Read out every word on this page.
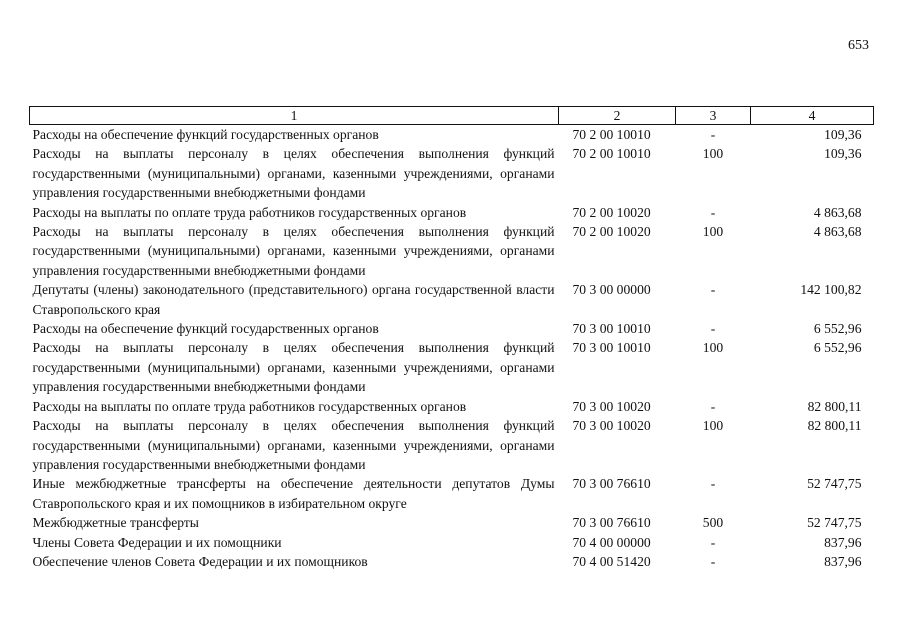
653
1	2	3	4
Расходы на обеспечение функций государственных органов	70 2 00 10010	-	109,36
Расходы на выплаты персоналу в целях обеспечения выполнения функций государственными (муниципальными) органами, казенными учреждениями, органами управления государственными внебюджетными фондами	70 2 00 10010	100	109,36
Расходы на выплаты по оплате труда работников государственных органов	70 2 00 10020	-	4 863,68
Расходы на выплаты персоналу в целях обеспечения выполнения функций государственными (муниципальными) органами, казенными учреждениями, органами управления государственными внебюджетными фондами	70 2 00 10020	100	4 863,68
Депутаты (члены) законодательного (представительного) органа государственной власти Ставропольского края	70 3 00 00000	-	142 100,82
Расходы на обеспечение функций государственных органов	70 3 00 10010	-	6 552,96
Расходы на выплаты персоналу в целях обеспечения выполнения функций государственными (муниципальными) органами, казенными учреждениями, органами управления государственными внебюджетными фондами	70 3 00 10010	100	6 552,96
Расходы на выплаты по оплате труда работников государственных органов	70 3 00 10020	-	82 800,11
Расходы на выплаты персоналу в целях обеспечения выполнения функций государственными (муниципальными) органами, казенными учреждениями, органами управления государственными внебюджетными фондами	70 3 00 10020	100	82 800,11
Иные межбюджетные трансферты на обеспечение деятельности депутатов Думы Ставропольского края и их помощников в избирательном округе	70 3 00 76610	-	52 747,75
Межбюджетные трансферты	70 3 00 76610	500	52 747,75
Члены Совета Федерации и их помощники	70 4 00 00000	-	837,96
Обеспечение членов Совета Федерации и их помощников	70 4 00 51420	-	837,96
